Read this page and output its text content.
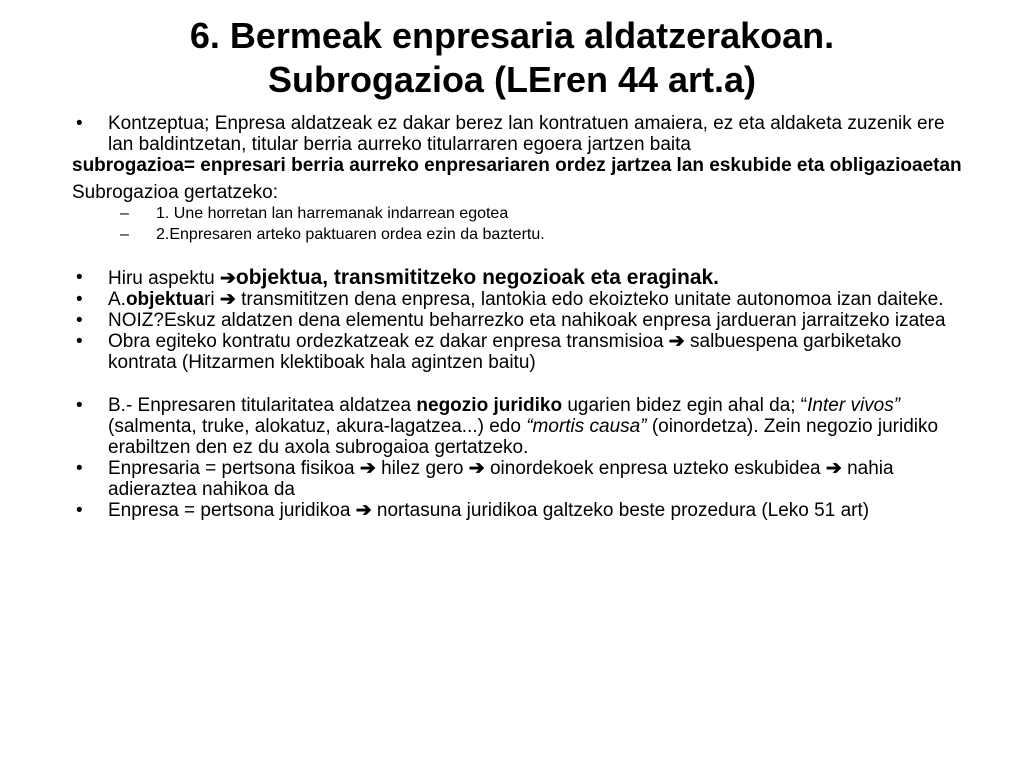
6. Bermeak enpresaria aldatzerakoan.
Subrogazioa (LEren 44 art.a)

• Kontzeptua; Enpresa aldatzeak ez dakar berez lan kontratuen amaiera, ez eta aldaketa zuzenik ere lan baldintzetan, titular berria aurreko titularraren egoera jartzen baita

subrogazioa= enpresari berria aurreko enpresariaren ordez jartzea lan eskubide eta obligazioaetan

Subrogazioa gertatzeko:

– 1. Une horretan lan harremanak indarrean egotea

– 2.Enpresaren arteko paktuaren ordea ezin da baztertu.

• Hiru aspektu ➔objektua, transmititzeko negozioak eta eraginak.

• A.objektuari ➔ transmititzen dena enpresa, lantokia edo ekoizteko unitate autonomoa izan daiteke.

• NOIZ?Eskuz aldatzen dena elementu beharrezko eta nahikoak enpresa jardueran jarraitzeko izatea

• Obra egiteko kontratu ordezkatzeak ez dakar enpresa transmisioa ➔ salbuespena garbiketako kontrata (Hitzarmen klektiboak hala agintzen baitu)

• B.- Enpresaren titularitatea aldatzea negozio juridiko ugarien bidez egin ahal da; “Inter vivos” (salmenta, truke, alokatuz, akura-lagatzea...) edo “mortis causa” (oinordetza). Zein negozio juridiko erabiltzen den ez du axola subrogaioa gertatzeko.

• Enpresaria = pertsona fisikoa ➔ hilez gero ➔ oinordekoek enpresa uzteko eskubidea ➔ nahia adieraztea nahikoa da

• Enpresa = pertsona juridikoa ➔ nortasuna juridikoa galtzeko beste prozedura (Leko 51 art)
